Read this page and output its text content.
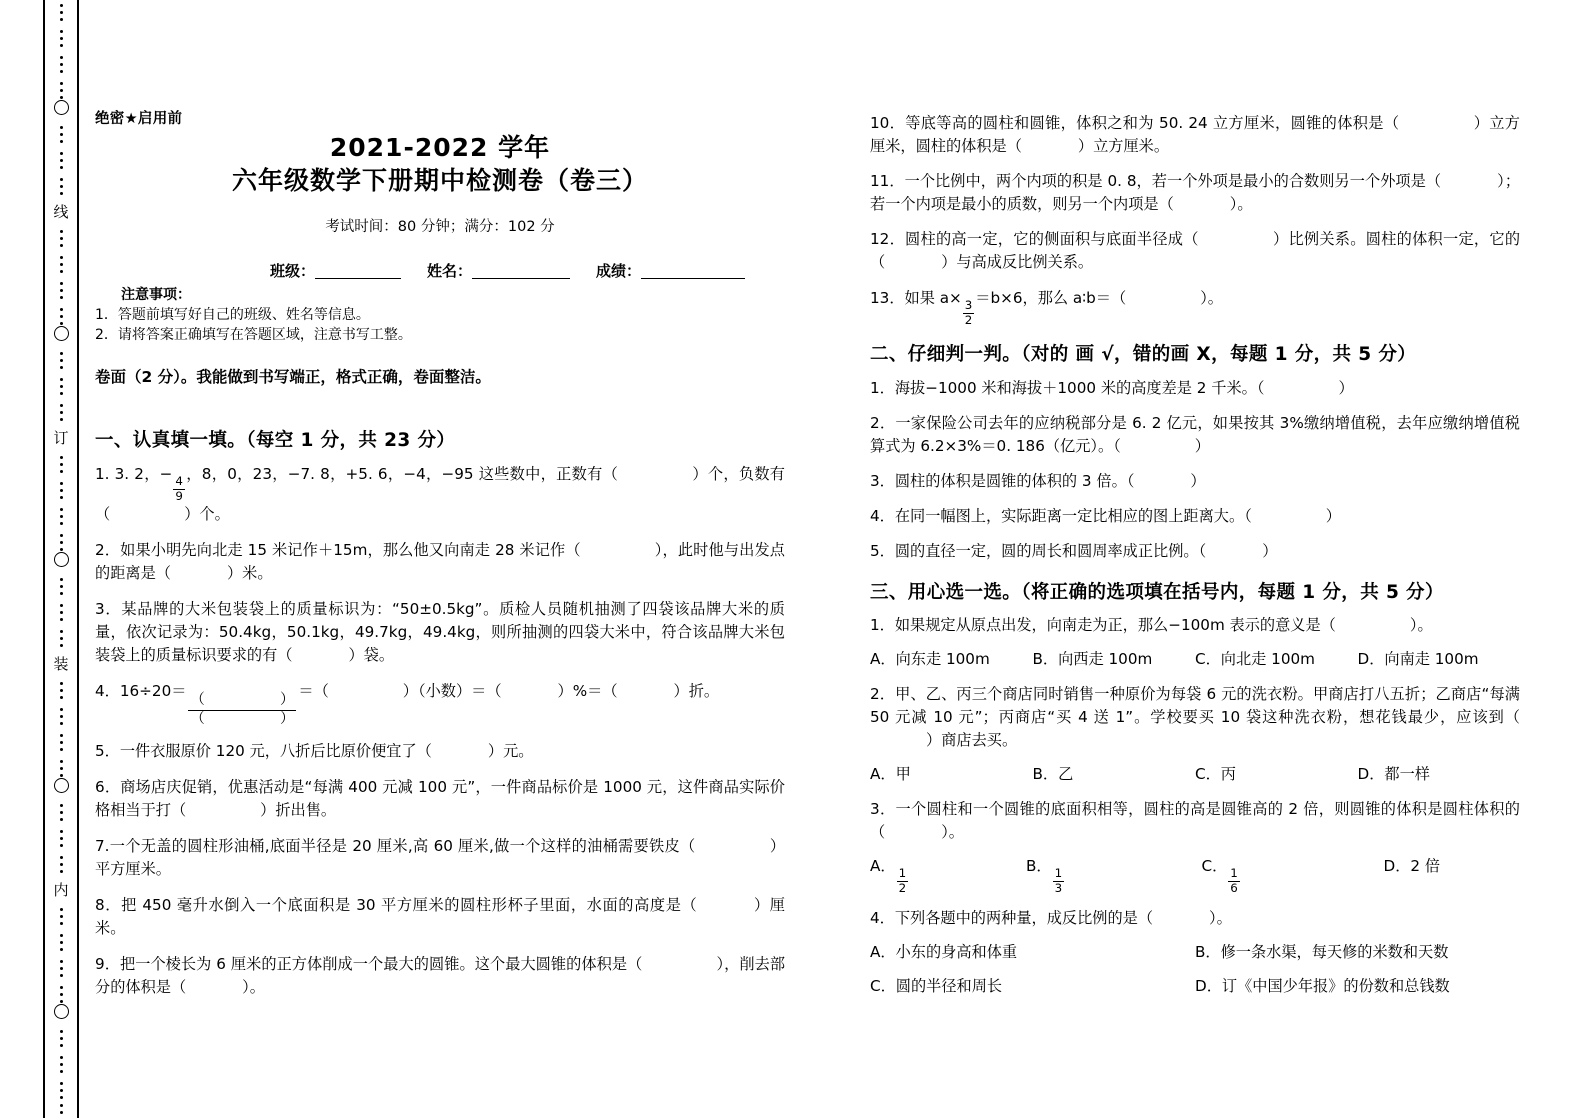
线
订
装
内
绝密★启用前
2021-2022 学年
六年级数学下册期中检测卷（卷三）
考试时间：80 分钟；满分：102 分
班级：	姓名：	成绩：
注意事项：
1．答题前填写好自己的班级、姓名等信息。
2．请将答案正确填写在答题区域，注意书写工整。
卷面（2 分）。我能做到书写端正，格式正确，卷面整洁。
一、认真填一填。（每空 1 分，共 23 分）
1. 3. 2，−
$\frac{4}{9}$
，8，0，23，−7. 8，+5. 6，−4，−95 这些数中，正数有（	）个，负数有（	）个。
2．如果小明先向北走 15 米记作＋15m，那么他又向南走 28 米记作（	），此时他与出发点的距离是（	）米。
3．某品牌的大米包装袋上的质量标识为：“50±0.5kg”。质检人员随机抽测了四袋该品牌大米的质量，依次记录为：50.4kg，50.1kg，49.7kg，49.4kg，则所抽测的四袋大米中，符合该品牌大米包装袋上的质量标识要求的有（	）袋。
4．16÷20＝
（	）
（	）
＝（	）（小数）＝（	）%＝（	）折。
5．一件衣服原价 120 元，八折后比原价便宜了（	）元。
6．商场店庆促销，优惠活动是“每满 400 元减 100 元”，一件商品标价是 1000 元，这件商品实际价格相当于打（	）折出售。
7.一个无盖的圆柱形油桶,底面半径是 20 厘米,高 60 厘米,做一个这样的油桶需要铁皮（	）平方厘米。
8．把 450 毫升水倒入一个底面积是 30 平方厘米的圆柱形杯子里面，水面的高度是（	）厘米。
9．把一个棱长为 6 厘米的正方体削成一个最大的圆锥。这个最大圆锥的体积是（	），削去部分的体积是（	）。
10．等底等高的圆柱和圆锥，体积之和为 50. 24 立方厘米，圆锥的体积是（	）立方厘米，圆柱的体积是（	）立方厘米。
11．一个比例中，两个内项的积是 0. 8，若一个外项是最小的合数则另一个外项是（	）；若一个内项是最小的质数，则另一个内项是（	）。
12．圆柱的高一定，它的侧面积与底面半径成（	）比例关系。圆柱的体积一定，它的（	）与高成反比例关系。
13．如果 a×
$\frac{3}{2}$
＝b×6，那么 a∶b＝（	）。
二、仔细判一判。（对的 画 √，错的画 X，每题 1 分，共 5 分）
1．海拔−1000 米和海拔＋1000 米的高度差是 2 千米。（	）
2．一家保险公司去年的应纳税部分是 6. 2 亿元，如果按其 3%缴纳增值税，去年应缴纳增值税算式为 6.2×3%＝0. 186（亿元）。（	）
3．圆柱的体积是圆锥的体积的 3 倍。（	）
4．在同一幅图上，实际距离一定比相应的图上距离大。（	）
5．圆的直径一定，圆的周长和圆周率成正比例。（	）
三、用心选一选。（将正确的选项填在括号内，每题 1 分，共 5 分）
1．如果规定从原点出发，向南走为正，那么−100m 表示的意义是（	）。
A．向东走 100m	B．向西走 100m	C．向北走 100m	D．向南走 100m
2．甲、乙、丙三个商店同时销售一种原价为每袋 6 元的洗衣粉。甲商店打八五折；乙商店“每满 50 元减 10 元”；丙商店“买 4 送 1”。学校要买 10 袋这种洗衣粉，想花钱最少，应该到（）商店去买。
A．甲	B．乙	C．丙	D．都一样
3．一个圆柱和一个圆锥的底面积相等，圆柱的高是圆锥高的 2 倍，则圆锥的体积是圆柱体积的（	）。
A．
$\frac{1}{2}$
B．
$\frac{1}{3}$
C．
$\frac{1}{6}$
D．2 倍
4．下列各题中的两种量，成反比例的是（	）。
A．小东的身高和体重	B．修一条水渠，每天修的米数和天数
C．圆的半径和周长	D．订《中国少年报》的份数和总钱数
